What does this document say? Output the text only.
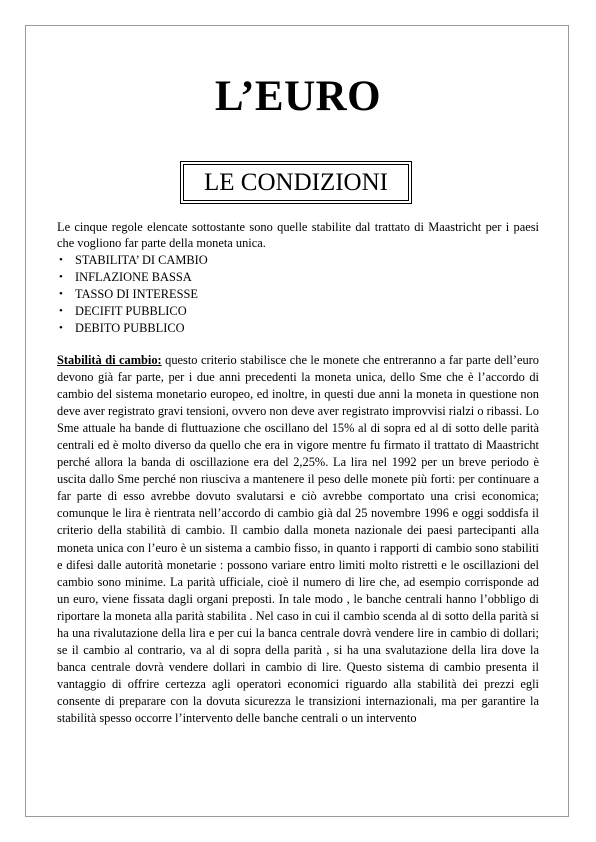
L’EURO
LE CONDIZIONI

Le cinque regole elencate sottostante sono quelle stabilite dal trattato di Maastricht per i paesi che vogliono far parte della moneta unica.

• STABILITA’ DI CAMBIO
• INFLAZIONE BASSA
• TASSO DI INTERESSE
• DECIFIT PUBBLICO
• DEBITO PUBBLICO

Stabilità di cambio: questo criterio stabilisce che le monete che entreranno a far parte dell’euro devono già far parte, per i due anni precedenti la moneta unica, dello Sme che è l’accordo di cambio del sistema monetario europeo, ed inoltre, in questi due anni la moneta in questione non deve aver registrato gravi tensioni, ovvero non deve aver registrato improvvisi rialzi o ribassi. Lo Sme attuale ha bande di fluttuazione che oscillano del 15% al di sopra ed al di sotto delle parità centrali ed è molto diverso da quello che era in vigore mentre fu firmato il trattato di Maastricht perché allora la banda di oscillazione era del 2,25%. La lira nel 1992 per un breve periodo è uscita dallo Sme perché non riusciva a mantenere il peso delle monete più forti: per continuare a far parte di esso avrebbe dovuto svalutarsi e ciò avrebbe comportato una crisi economica; comunque le lira è rientrata nell’accordo di cambio già dal 25 novembre 1996 e oggi soddisfa il criterio della stabilità di cambio. Il cambio dalla moneta nazionale dei paesi partecipanti alla moneta unica con l’euro è un sistema a cambio fisso, in quanto i rapporti di cambio sono stabiliti e difesi dalle autorità monetarie : possono variare entro limiti molto ristretti e le oscillazioni del cambio sono minime. La parità ufficiale, cioè il numero di lire che, ad esempio corrisponde ad un euro, viene fissata dagli organi preposti. In tale modo , le banche centrali hanno l’obbligo di riportare la moneta alla parità stabilita . Nel caso in cui il cambio scenda al di sotto della parità si ha una rivalutazione della lira e per cui la banca centrale dovrà vendere lire in cambio di dollari; se il cambio al contrario, va al di sopra della parità , si ha una svalutazione della lira dove la banca centrale dovrà vendere dollari in cambio di lire. Questo sistema di cambio presenta il vantaggio di offrire certezza agli operatori economici riguardo alla stabilità dei prezzi egli consente di preparare con la dovuta sicurezza le transizioni internazionali, ma per garantire la stabilità spesso occorre l’intervento delle banche centrali o un intervento
